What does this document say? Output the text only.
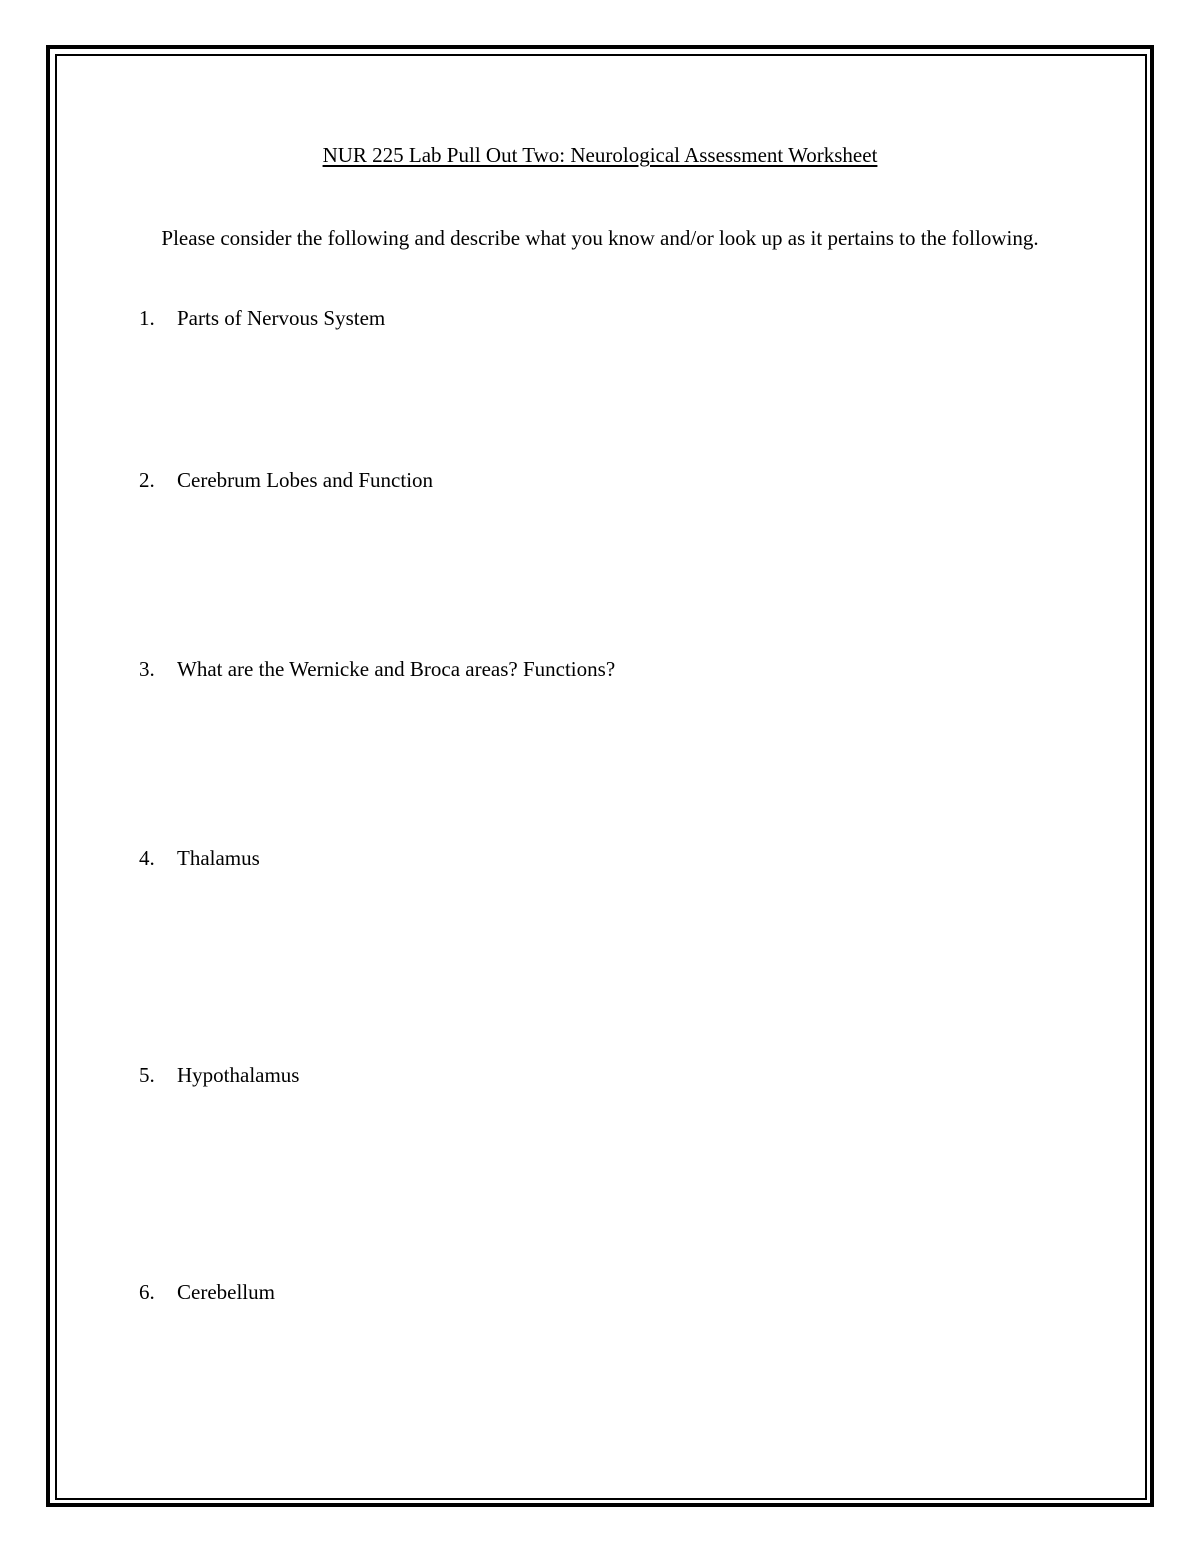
NUR 225 Lab Pull Out Two: Neurological Assessment Worksheet

Please consider the following and describe what you know and/or look up as it pertains to the following.

1. Parts of Nervous System

2. Cerebrum Lobes and Function

3. What are the Wernicke and Broca areas? Functions?

4. Thalamus

5. Hypothalamus

6. Cerebellum
